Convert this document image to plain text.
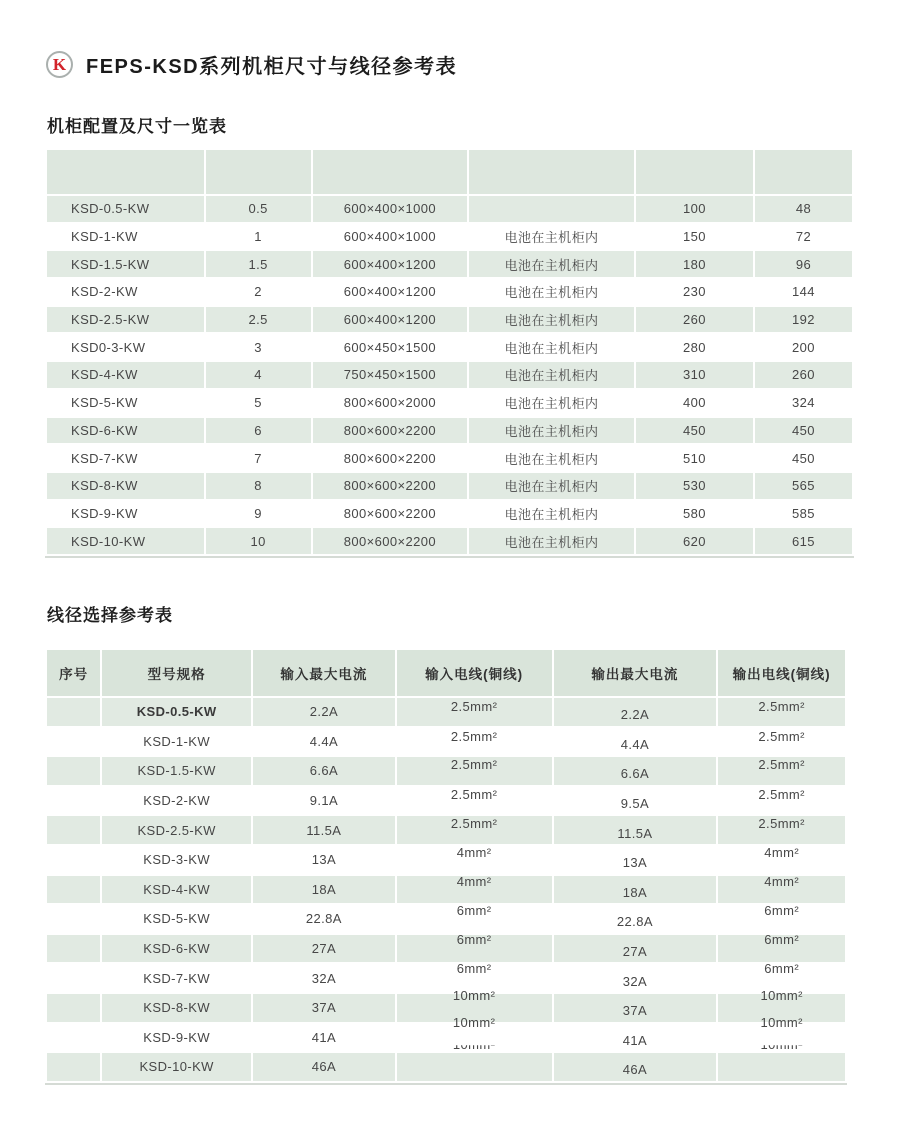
K FEPS-KSD系列机柜尺寸与线径参考表
机柜配置及尺寸一览表

KSD-0.5-KW	0.5	600×400×1000		100	48
KSD-1-KW	1	600×400×1000	电池在主机柜内	150	72
KSD-1.5-KW	1.5	600×400×1200	电池在主机柜内	180	96
KSD-2-KW	2	600×400×1200	电池在主机柜内	230	144
KSD-2.5-KW	2.5	600×400×1200	电池在主机柜内	260	192
KSD0-3-KW	3	600×450×1500	电池在主机柜内	280	200
KSD-4-KW	4	750×450×1500	电池在主机柜内	310	260
KSD-5-KW	5	800×600×2000	电池在主机柜内	400	324
KSD-6-KW	6	800×600×2200	电池在主机柜内	450	450
KSD-7-KW	7	800×600×2200	电池在主机柜内	510	450
KSD-8-KW	8	800×600×2200	电池在主机柜内	530	565
KSD-9-KW	9	800×600×2200	电池在主机柜内	580	585
KSD-10-KW	10	800×600×2200	电池在主机柜内	620	615
线径选择参考表
序号	型号规格	输入最大电流	输入电线(铜线)	输出最大电流	输出电线(铜线)
	KSD-0.5-KW	2.2A	2.5mm²	2.2A	2.5mm²
	KSD-1-KW	4.4A	2.5mm²	4.4A	2.5mm²
	KSD-1.5-KW	6.6A	2.5mm²	6.6A	2.5mm²
	KSD-2-KW	9.1A	2.5mm²	9.5A	2.5mm²
	KSD-2.5-KW	11.5A	2.5mm²	11.5A	2.5mm²
	KSD-3-KW	13A	4mm²	13A	4mm²
	KSD-4-KW	18A	4mm²	18A	4mm²
	KSD-5-KW	22.8A	6mm²	22.8A	6mm²
	KSD-6-KW	27A	6mm²	27A	6mm²
	KSD-7-KW	32A	6mm²	32A	6mm²
	KSD-8-KW	37A	10mm²	37A	10mm²
	KSD-9-KW	41A	10mm²	41A	10mm²
	KSD-10-KW	46A		46A	
